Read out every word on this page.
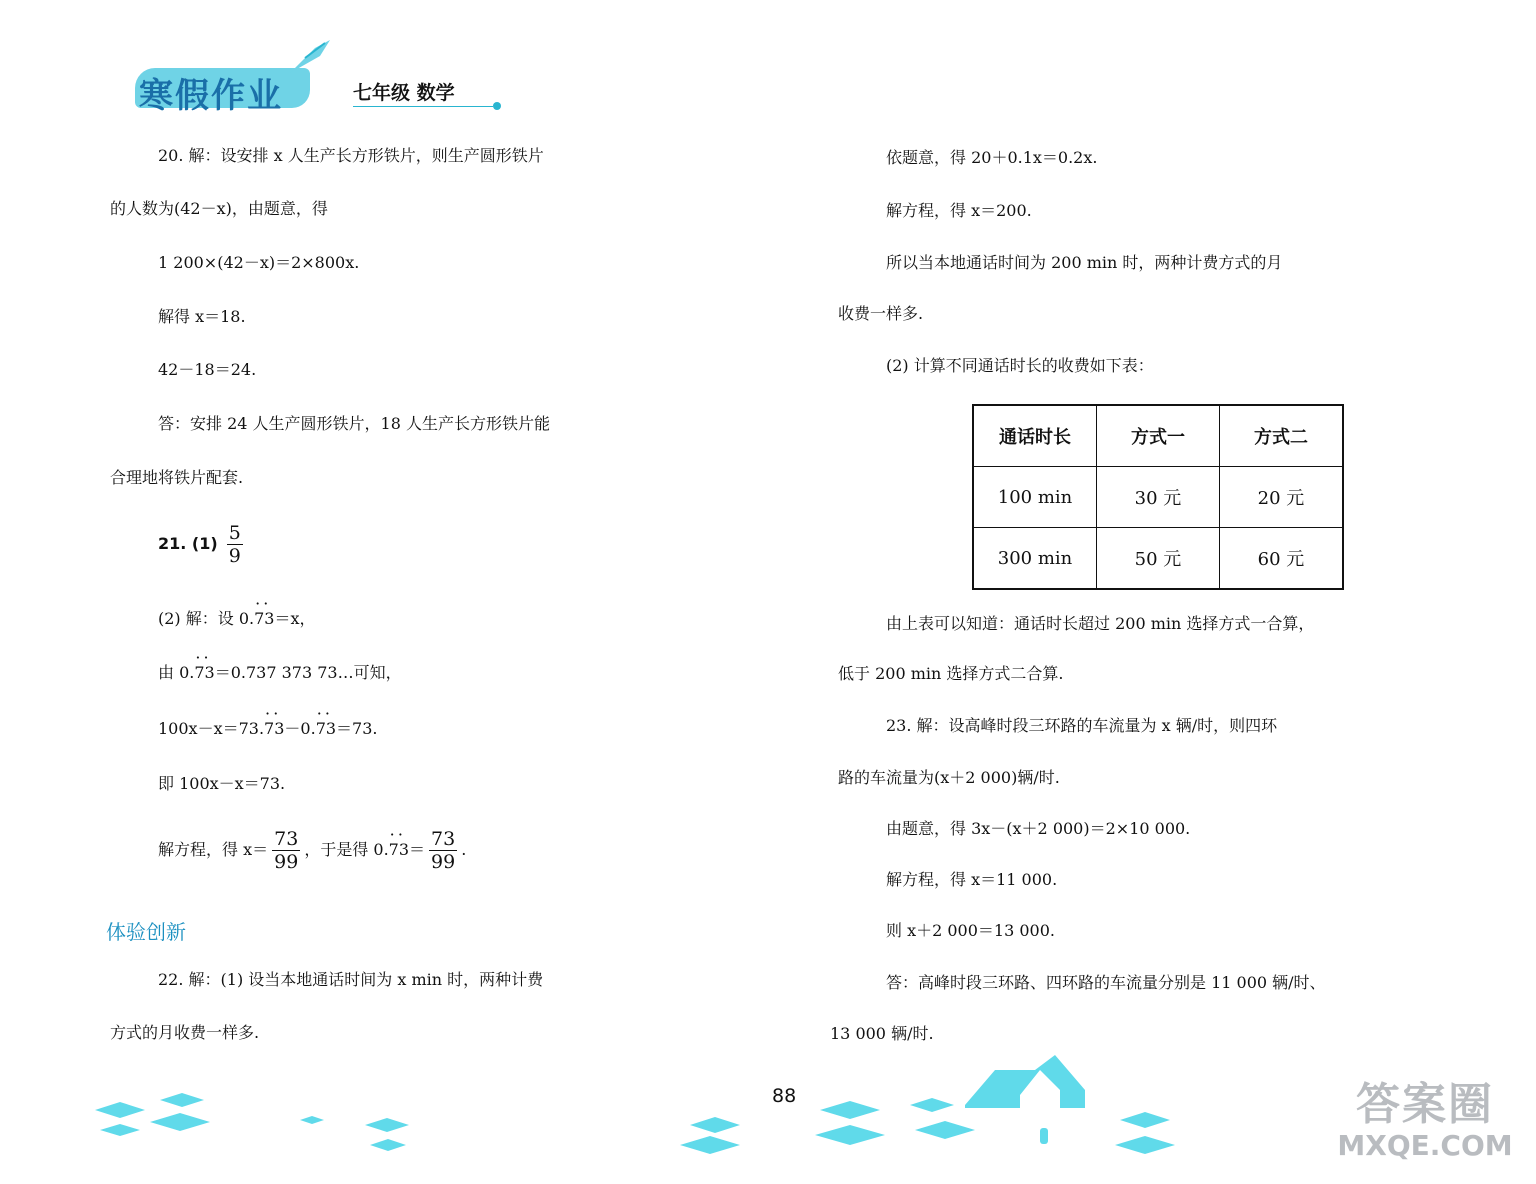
寒假作业	七年级 数学
20. 解：设安排 x 人生产长方形铁片，则生产圆形铁片
的人数为(42－x)，由题意，得
1 200×(42－x)＝2×800x.
解得 x＝18.
42－18＝24.
答：安排 24 人生产圆形铁片，18 人生产长方形铁片能
合理地将铁片配套.
21. $(1) \frac{5}{9}$
(2) 解：设 0.· · 73＝x，
由 0.· · 73＝0.737 373 73…可知，
100x－x＝73.· · 73－0.· · 73＝73.
即 100x－x＝73.
解方程，得 $x= \frac{73}{99}$ ，于是得 $0.\cdot \cdot 73= \frac{73}{99}$ .
体验创新
22. 解：(1) 设当本地通话时间为 x min 时，两种计费
方式的月收费一样多.
依题意，得 20＋0.1x＝0.2x.
解方程，得 x＝200.
所以当本地通话时间为 200 min 时，两种计费方式的月
收费一样多.
(2) 计算不同通话时长的收费如下表：
通话时长	方式一	方式二
100 min	30 元	20 元
300 min	50 元	60 元
由上表可以知道：通话时长超过 200 min 选择方式一合算，
低于 200 min 选择方式二合算.
23. 解：设高峰时段三环路的车流量为 x 辆/时，则四环
路的车流量为(x＋2 000)辆/时.
由题意，得 3x－(x＋2 000)＝2×10 000.
解方程，得 x＝11 000.
则 x＋2 000＝13 000.
答：高峰时段三环路、四环路的车流量分别是 11 000 辆/时、
13 000 辆/时.
88	答案圈
MXQE.COM
